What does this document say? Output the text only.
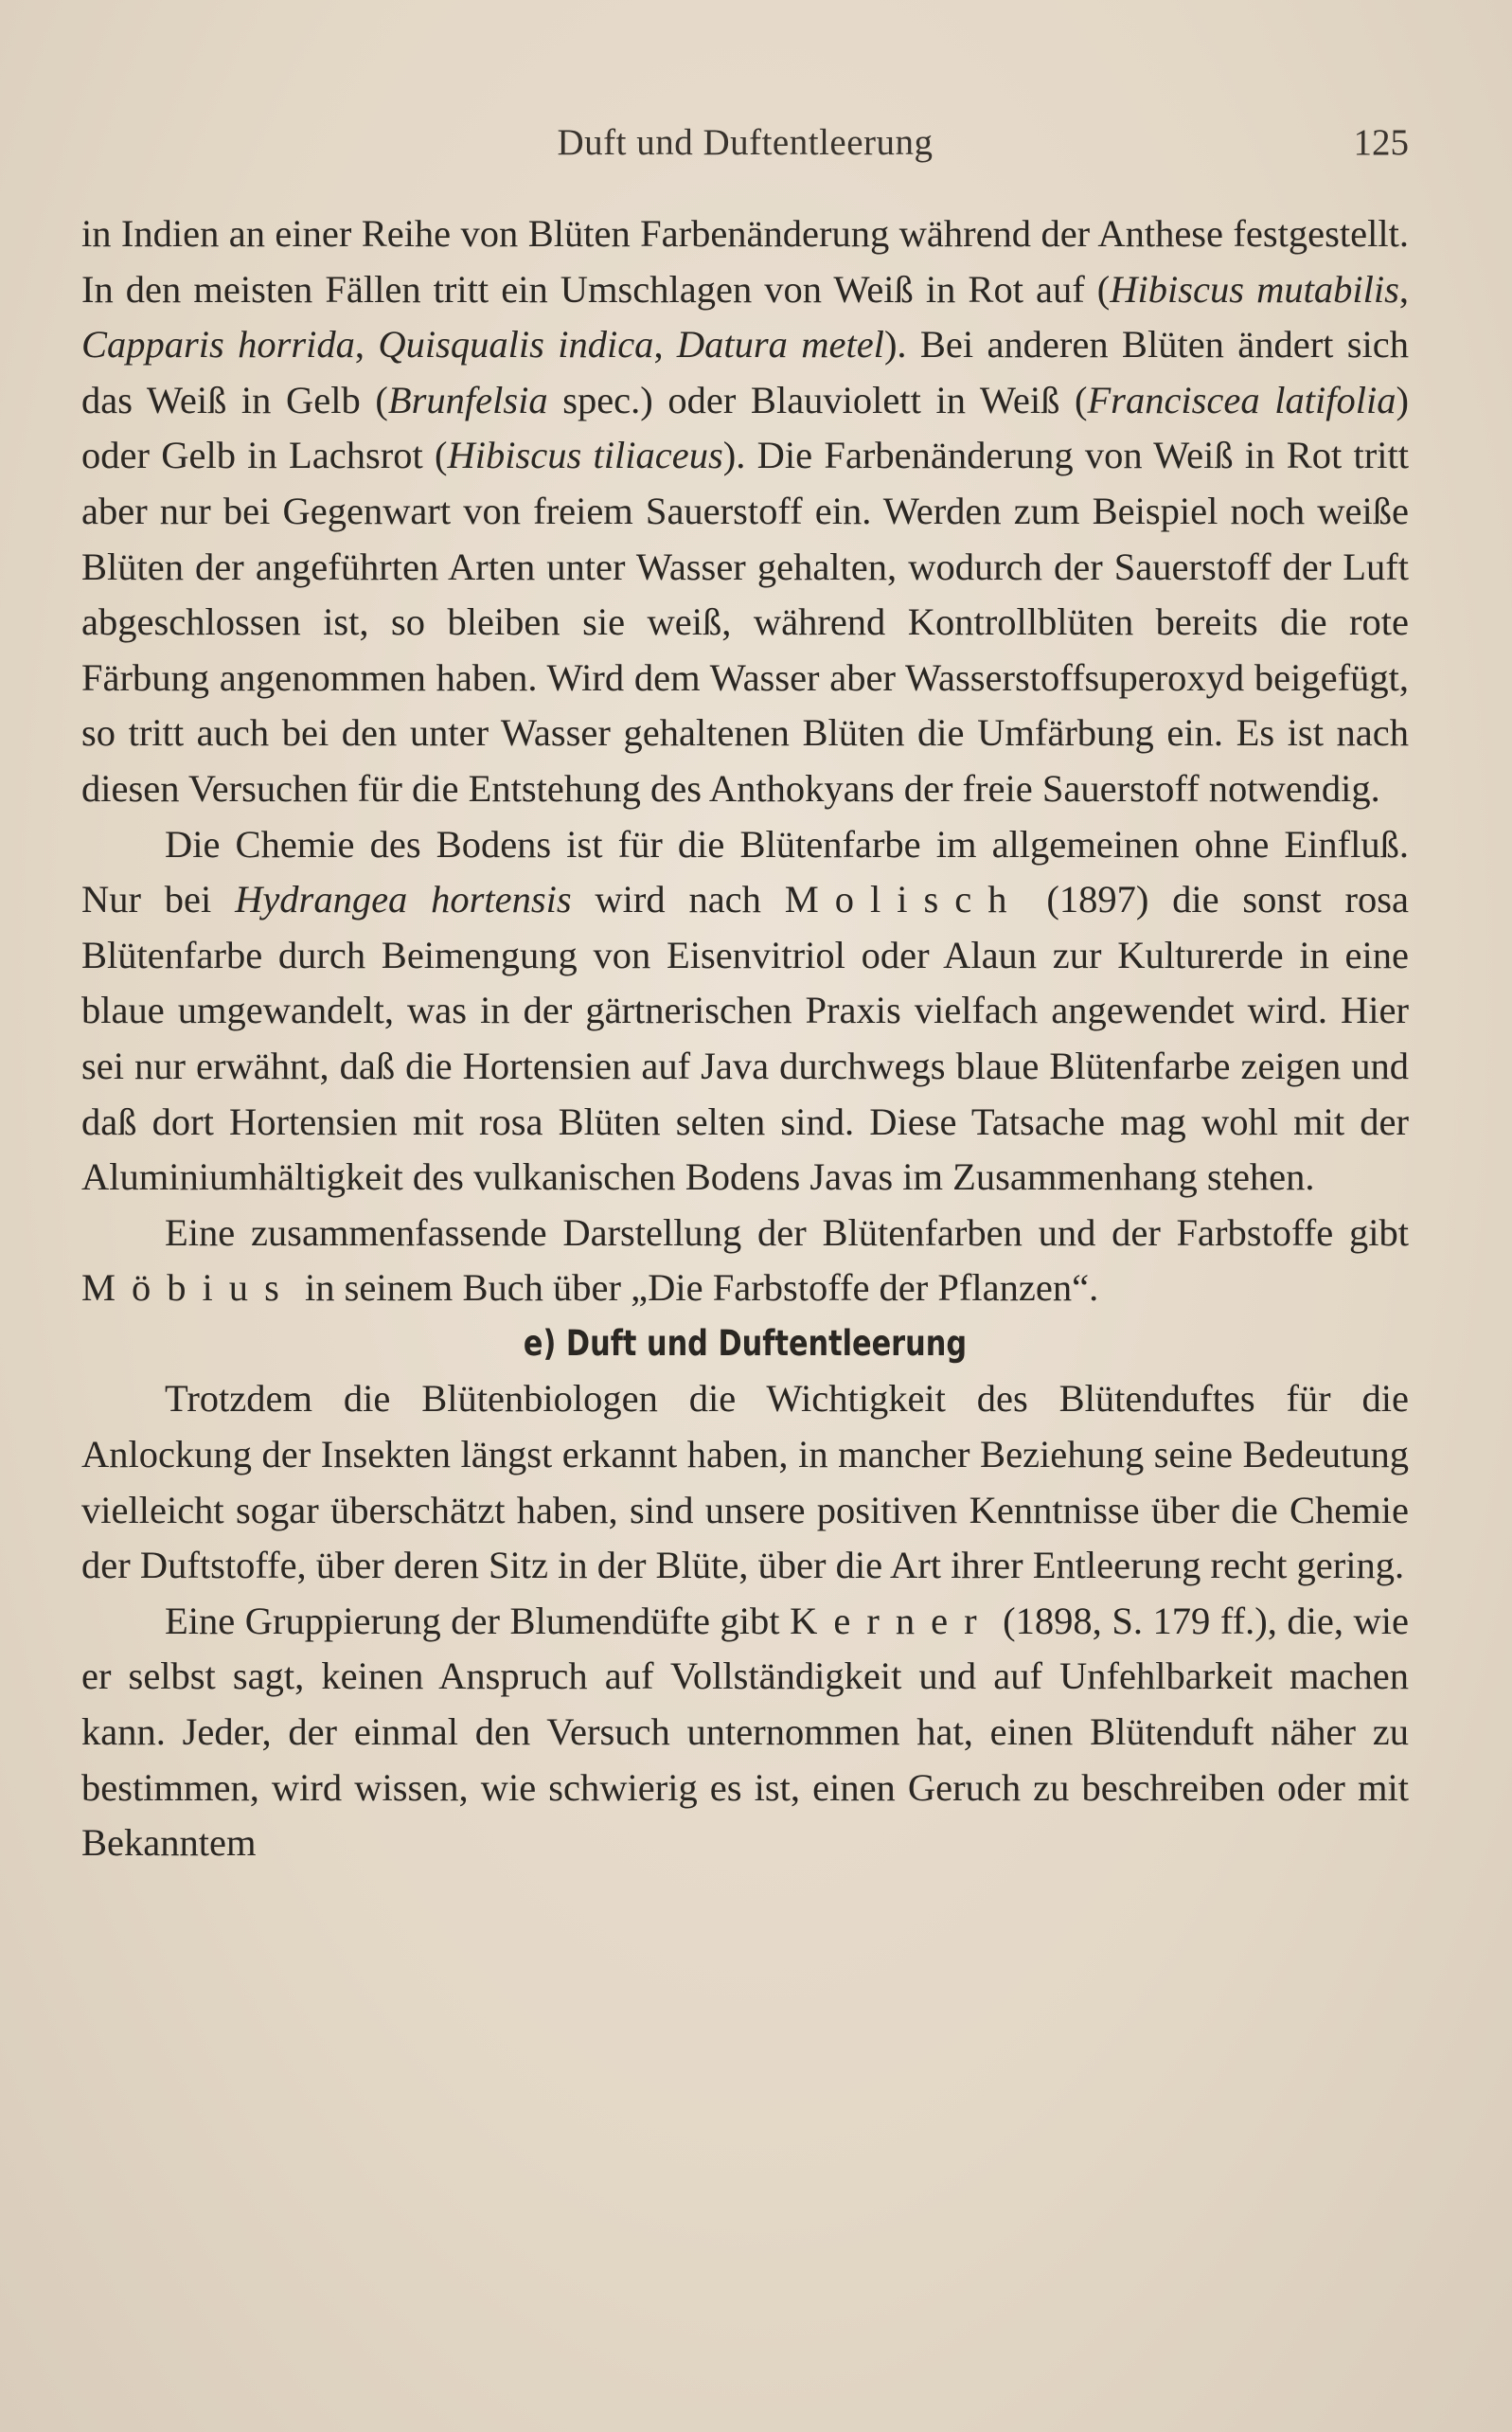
Duft und Duftentleerung	125

in Indien an einer Reihe von Blüten Farbenänderung während der Anthese festgestellt. In den meisten Fällen tritt ein Umschlagen von Weiß in Rot auf (Hibiscus mutabilis, Capparis horrida, Quisqualis indica, Datura metel). Bei anderen Blüten ändert sich das Weiß in Gelb (Brunfelsia spec.) oder Blauviolett in Weiß (Franciscea latifolia) oder Gelb in Lachsrot (Hibiscus tiliaceus). Die Farbenänderung von Weiß in Rot tritt aber nur bei Gegenwart von freiem Sauerstoff ein. Werden zum Beispiel noch weiße Blüten der angeführten Arten unter Wasser gehalten, wodurch der Sauerstoff der Luft abgeschlossen ist, so bleiben sie weiß, während Kontrollblüten bereits die rote Färbung angenommen haben. Wird dem Wasser aber Wasserstoffsuperoxyd beigefügt, so tritt auch bei den unter Wasser gehaltenen Blüten die Umfärbung ein. Es ist nach diesen Versuchen für die Entstehung des Anthokyans der freie Sauerstoff notwendig.

Die Chemie des Bodens ist für die Blütenfarbe im allgemeinen ohne Einfluß. Nur bei Hydrangea hortensis wird nach Molisch (1897) die sonst rosa Blütenfarbe durch Beimengung von Eisenvitriol oder Alaun zur Kulturerde in eine blaue umgewandelt, was in der gärtnerischen Praxis vielfach angewendet wird. Hier sei nur erwähnt, daß die Hortensien auf Java durchwegs blaue Blütenfarbe zeigen und daß dort Hortensien mit rosa Blüten selten sind. Diese Tatsache mag wohl mit der Aluminiumhältigkeit des vulkanischen Bodens Javas im Zusammenhang stehen.

Eine zusammenfassende Darstellung der Blütenfarben und der Farbstoffe gibt Möbius in seinem Buch über „Die Farbstoffe der Pflanzen“.

e) Duft und Duftentleerung

Trotzdem die Blütenbiologen die Wichtigkeit des Blütenduftes für die Anlockung der Insekten längst erkannt haben, in mancher Beziehung seine Bedeutung vielleicht sogar überschätzt haben, sind unsere positiven Kenntnisse über die Chemie der Duftstoffe, über deren Sitz in der Blüte, über die Art ihrer Entleerung recht gering.

Eine Gruppierung der Blumendüfte gibt Kerner (1898, S. 179 ff.), die, wie er selbst sagt, keinen Anspruch auf Vollständigkeit und auf Unfehlbarkeit machen kann. Jeder, der einmal den Versuch unternommen hat, einen Blütenduft näher zu bestimmen, wird wissen, wie schwierig es ist, einen Geruch zu beschreiben oder mit Bekanntem
